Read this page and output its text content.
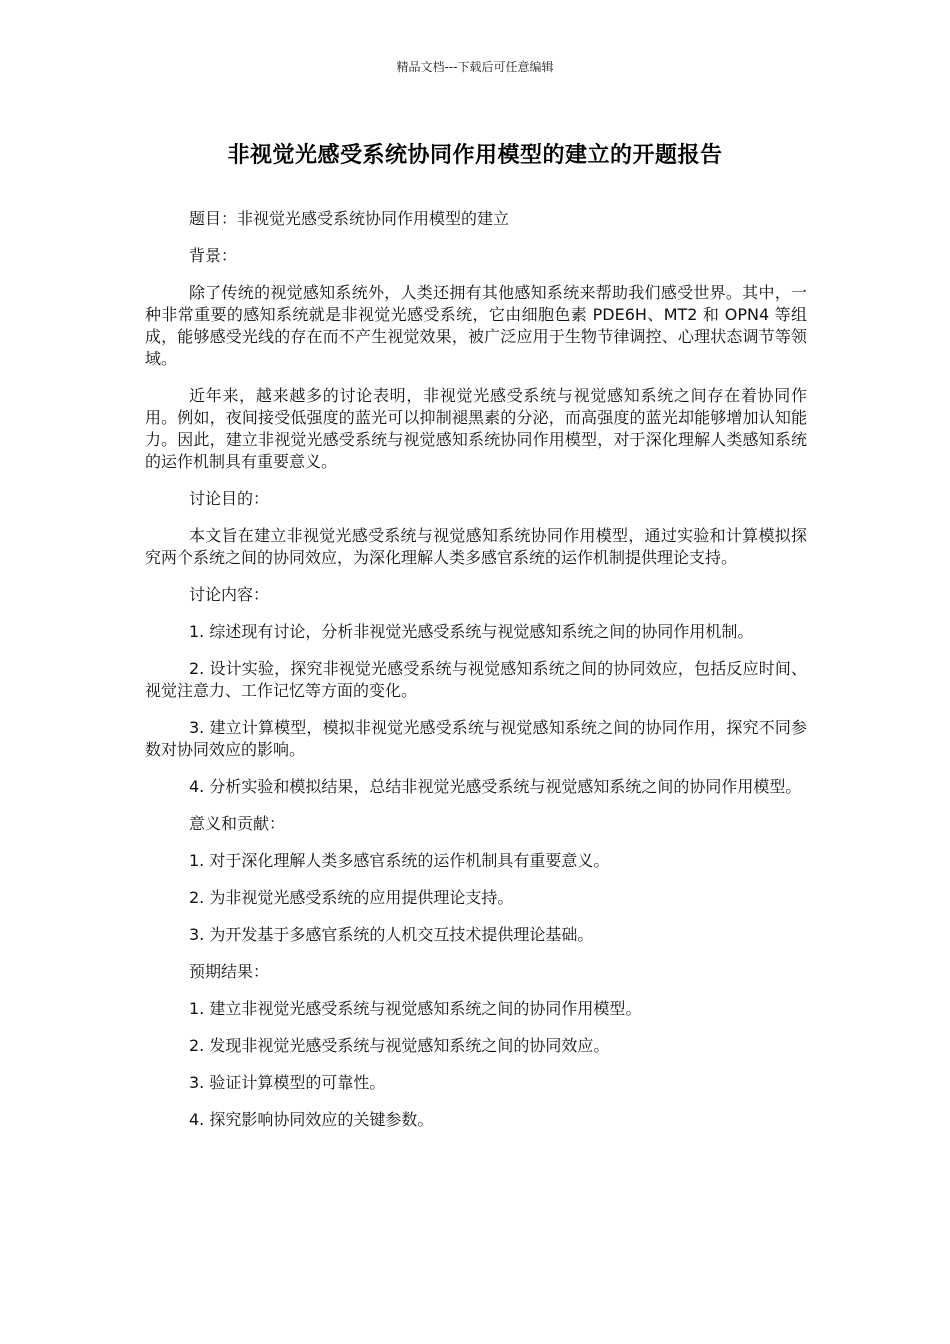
精品文档---下载后可任意编辑
非视觉光感受系统协同作用模型的建立的开题报告

题目：非视觉光感受系统协同作用模型的建立

背景：

除了传统的视觉感知系统外，人类还拥有其他感知系统来帮助我们感受世界。其中，一种非常重要的感知系统就是非视觉光感受系统，它由细胞色素 PDE6H、MT2 和 OPN4 等组成，能够感受光线的存在而不产生视觉效果，被广泛应用于生物节律调控、心理状态调节等领域。

近年来，越来越多的讨论表明，非视觉光感受系统与视觉感知系统之间存在着协同作用。例如，夜间接受低强度的蓝光可以抑制褪黑素的分泌，而高强度的蓝光却能够增加认知能力。因此，建立非视觉光感受系统与视觉感知系统协同作用模型，对于深化理解人类感知系统的运作机制具有重要意义。

讨论目的：

本文旨在建立非视觉光感受系统与视觉感知系统协同作用模型，通过实验和计算模拟探究两个系统之间的协同效应，为深化理解人类多感官系统的运作机制提供理论支持。

讨论内容：

1. 综述现有讨论，分析非视觉光感受系统与视觉感知系统之间的协同作用机制。

2. 设计实验，探究非视觉光感受系统与视觉感知系统之间的协同效应，包括反应时间、视觉注意力、工作记忆等方面的变化。

3. 建立计算模型，模拟非视觉光感受系统与视觉感知系统之间的协同作用，探究不同参数对协同效应的影响。

4. 分析实验和模拟结果，总结非视觉光感受系统与视觉感知系统之间的协同作用模型。

意义和贡献：

1. 对于深化理解人类多感官系统的运作机制具有重要意义。

2. 为非视觉光感受系统的应用提供理论支持。

3. 为开发基于多感官系统的人机交互技术提供理论基础。

预期结果：

1. 建立非视觉光感受系统与视觉感知系统之间的协同作用模型。

2. 发现非视觉光感受系统与视觉感知系统之间的协同效应。

3. 验证计算模型的可靠性。

4. 探究影响协同效应的关键参数。
